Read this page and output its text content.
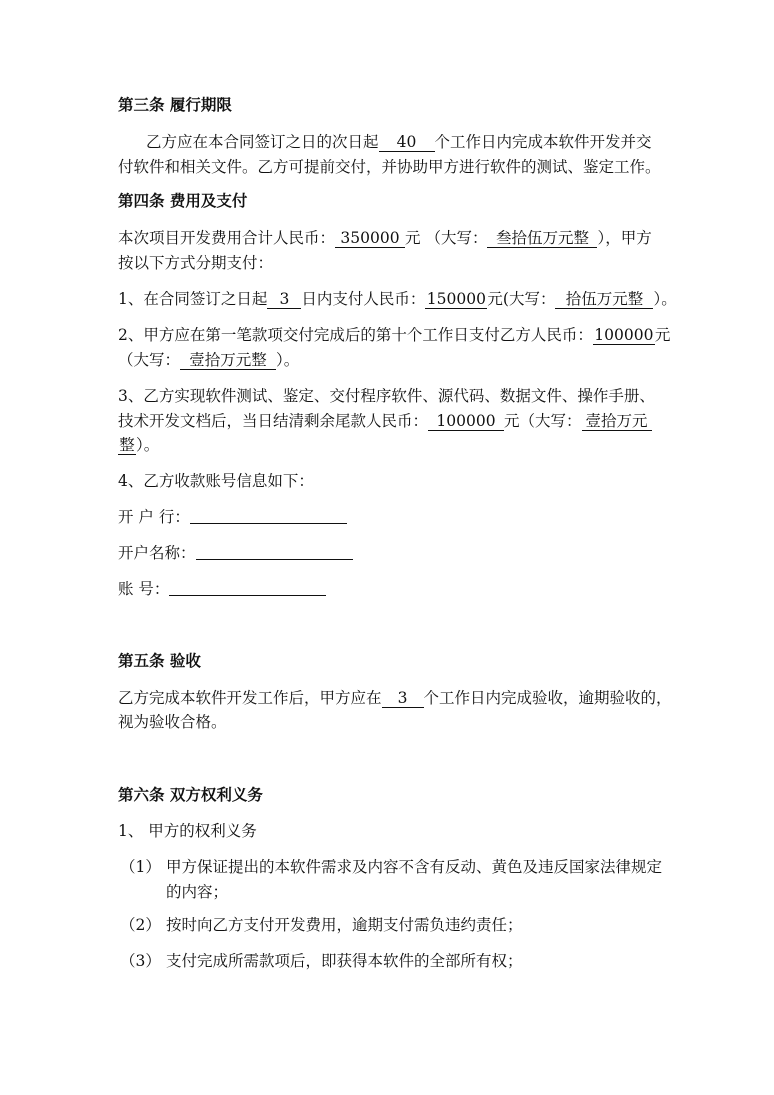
第三条 履行期限
乙方应在本合同签订之日的次日起 40 个工作日内完成本软件开发并交
付软件和相关文件。乙方可提前交付，并协助甲方进行软件的测试、鉴定工作。
第四条 费用及支付
本次项目开发费用合计人民币： 350000 元 （大写： 叁拾伍万元整 ），甲方
按以下方式分期支付：
1、在合同签订之日起 3 日内支付人民币：150000元(大写： 拾伍万元整 ）。
2、甲方应在第一笔款项交付完成后的第十个工作日支付乙方人民币：100000元
（大写： 壹拾万元整 ）。
3、乙方实现软件测试、鉴定、交付程序软件、源代码、数据文件、操作手册、
技术开发文档后，当日结清剩余尾款人民币： 100000 元（大写： 壹拾万元
整）。
4、乙方收款账号信息如下：
开 户 行：
开户名称：
账 号：
第五条 验收
乙方完成本软件开发工作后，甲方应在 3 个工作日内完成验收，逾期验收的，
视为验收合格。
第六条 双方权利义务
1、 甲方的权利义务
（1） 甲方保证提出的本软件需求及内容不含有反动、黄色及违反国家法律规定
的内容；
（2） 按时向乙方支付开发费用，逾期支付需负违约责任；
（3） 支付完成所需款项后，即获得本软件的全部所有权；
